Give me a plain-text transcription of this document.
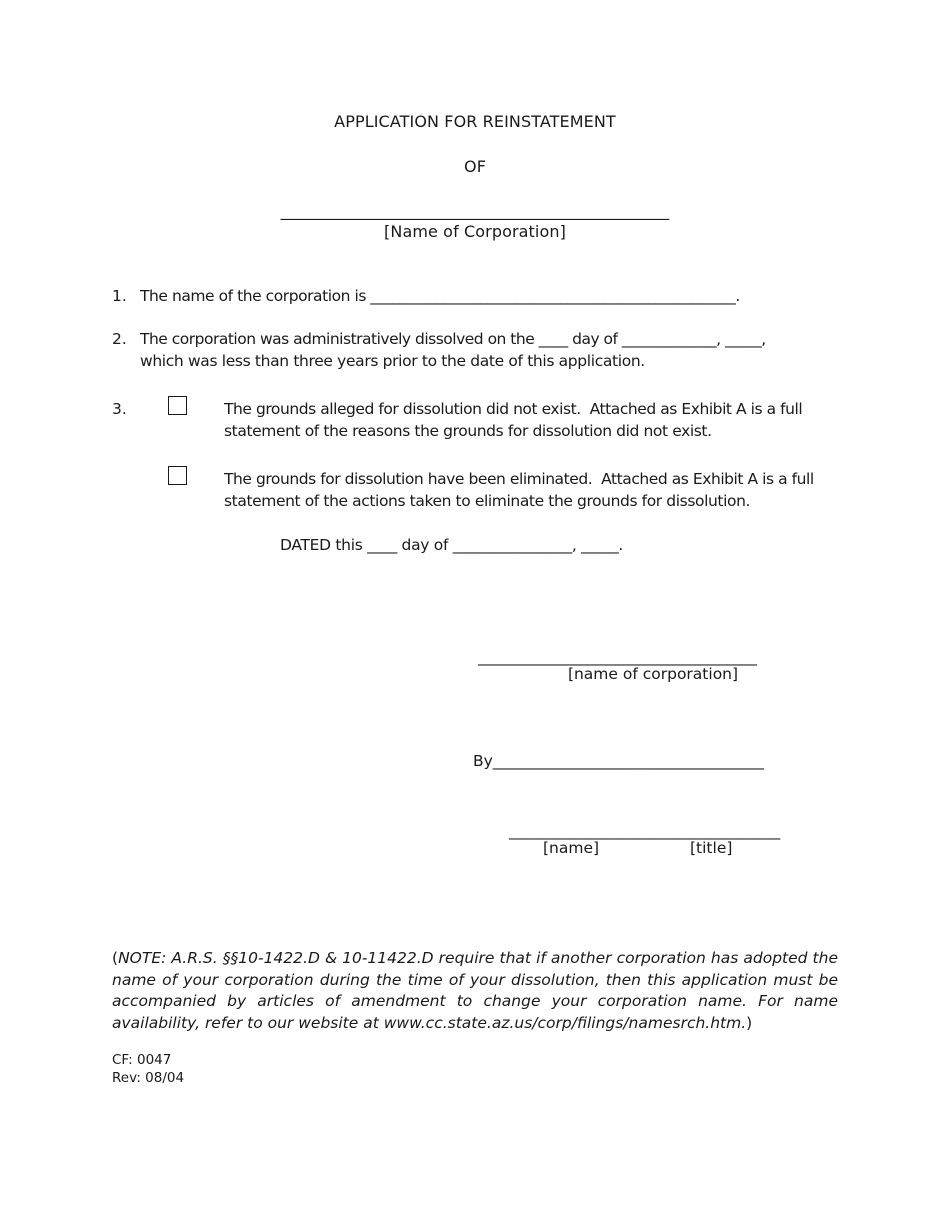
APPLICATION FOR REINSTATEMENT
OF
________________________________________________
[Name of Corporation]
1. The name of the corporation is __________________________________________________.
2. The corporation was administratively dissolved on the ____ day of _____________, _____,
which was less than three years prior to the date of this application.
3.	The grounds alleged for dissolution did not exist.  Attached as Exhibit A is a full
statement of the reasons the grounds for dissolution did not exist.
The grounds for dissolution have been eliminated.  Attached as Exhibit A is a full
statement of the actions taken to eliminate the grounds for dissolution.
DATED this ____ day of ________________, _____.
____________________________________
[name of corporation]
By___________________________________
___________________________________
[name]	[title]
(NOTE: A.R.S. §§10-1422.D & 10-11422.D require that if another corporation has adopted the name of your corporation during the time of your dissolution, then this application must be accompanied by articles of amendment to change your corporation name. For name availability, refer to our website at www.cc.state.az.us/corp/filings/namesrch.htm.)
CF: 0047
Rev: 08/04
